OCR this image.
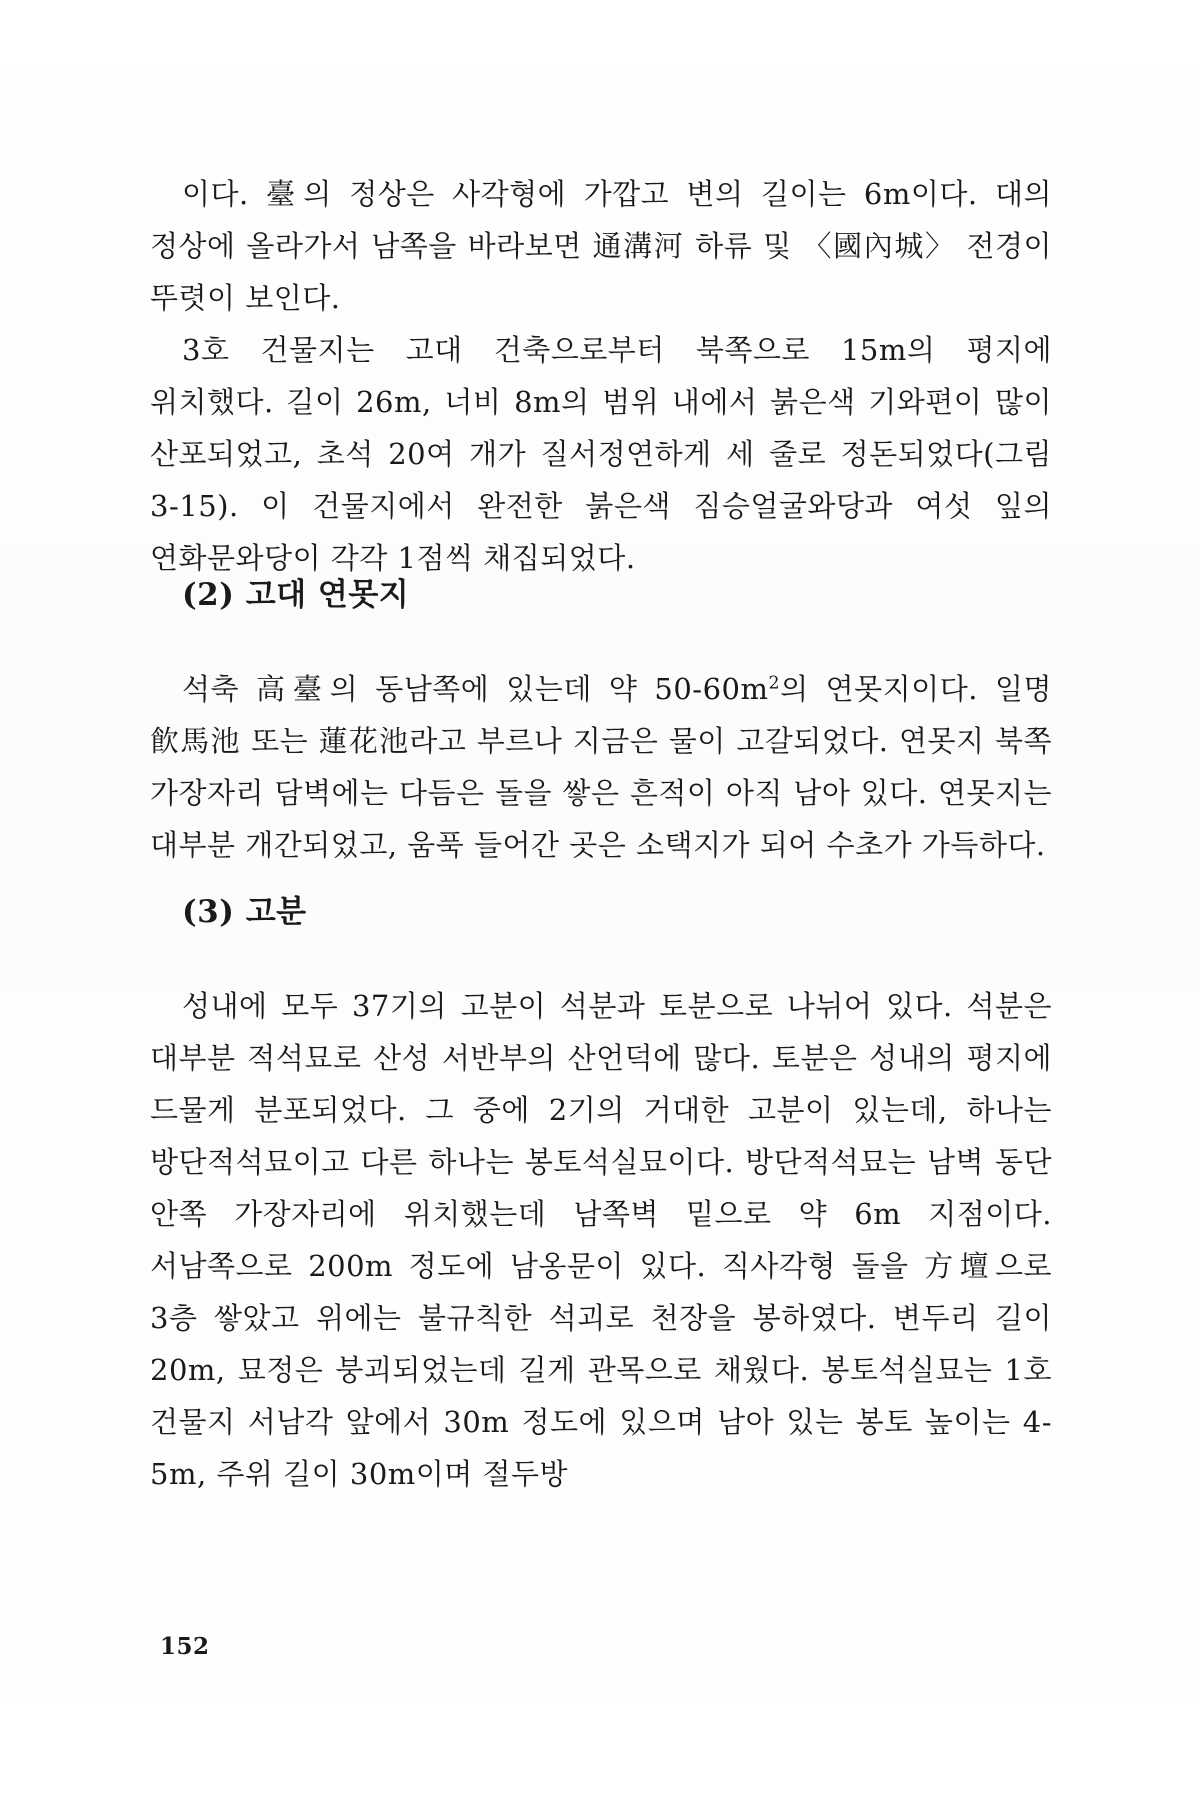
이다. 臺의 정상은 사각형에 가깝고 변의 길이는 6m이다. 대의 정상에 올라가서 남쪽을 바라보면 通溝河 하류 및 〈國內城〉 전경이 뚜렷이 보인다.

3호 건물지는 고대 건축으로부터 북쪽으로 15m의 평지에 위치했다. 길이 26m, 너비 8m의 범위 내에서 붉은색 기와편이 많이 산포되었고, 초석 20여 개가 질서정연하게 세 줄로 정돈되었다(그림 3-15). 이 건물지에서 완전한 붉은색 짐승얼굴와당과 여섯 잎의 연화문와당이 각각 1점씩 채집되었다.

(2) 고대 연못지

석축 高臺의 동남쪽에 있는데 약 $50-60m^2$의 연못지이다. 일명 飮馬池 또는 蓮花池라고 부르나 지금은 물이 고갈되었다. 연못지 북쪽 가장자리 담벽에는 다듬은 돌을 쌓은 흔적이 아직 남아 있다. 연못지는 대부분 개간되었고, 움푹 들어간 곳은 소택지가 되어 수초가 가득하다.

(3) 고분

성내에 모두 37기의 고분이 석분과 토분으로 나뉘어 있다. 석분은 대부분 적석묘로 산성 서반부의 산언덕에 많다. 토분은 성내의 평지에 드물게 분포되었다. 그 중에 2기의 거대한 고분이 있는데, 하나는 방단적석묘이고 다른 하나는 봉토석실묘이다. 방단적석묘는 남벽 동단 안쪽 가장자리에 위치했는데 남쪽벽 밑으로 약 6m 지점이다. 서남쪽으로 200m 정도에 남옹문이 있다. 직사각형 돌을 方壇으로 3층 쌓았고 위에는 불규칙한 석괴로 천장을 봉하였다. 변두리 길이 20m, 묘정은 붕괴되었는데 길게 관목으로 채웠다. 봉토석실묘는 1호 건물지 서남각 앞에서 30m 정도에 있으며 남아 있는 봉토 높이는 4-5m, 주위 길이 30m이며 절두방

152
